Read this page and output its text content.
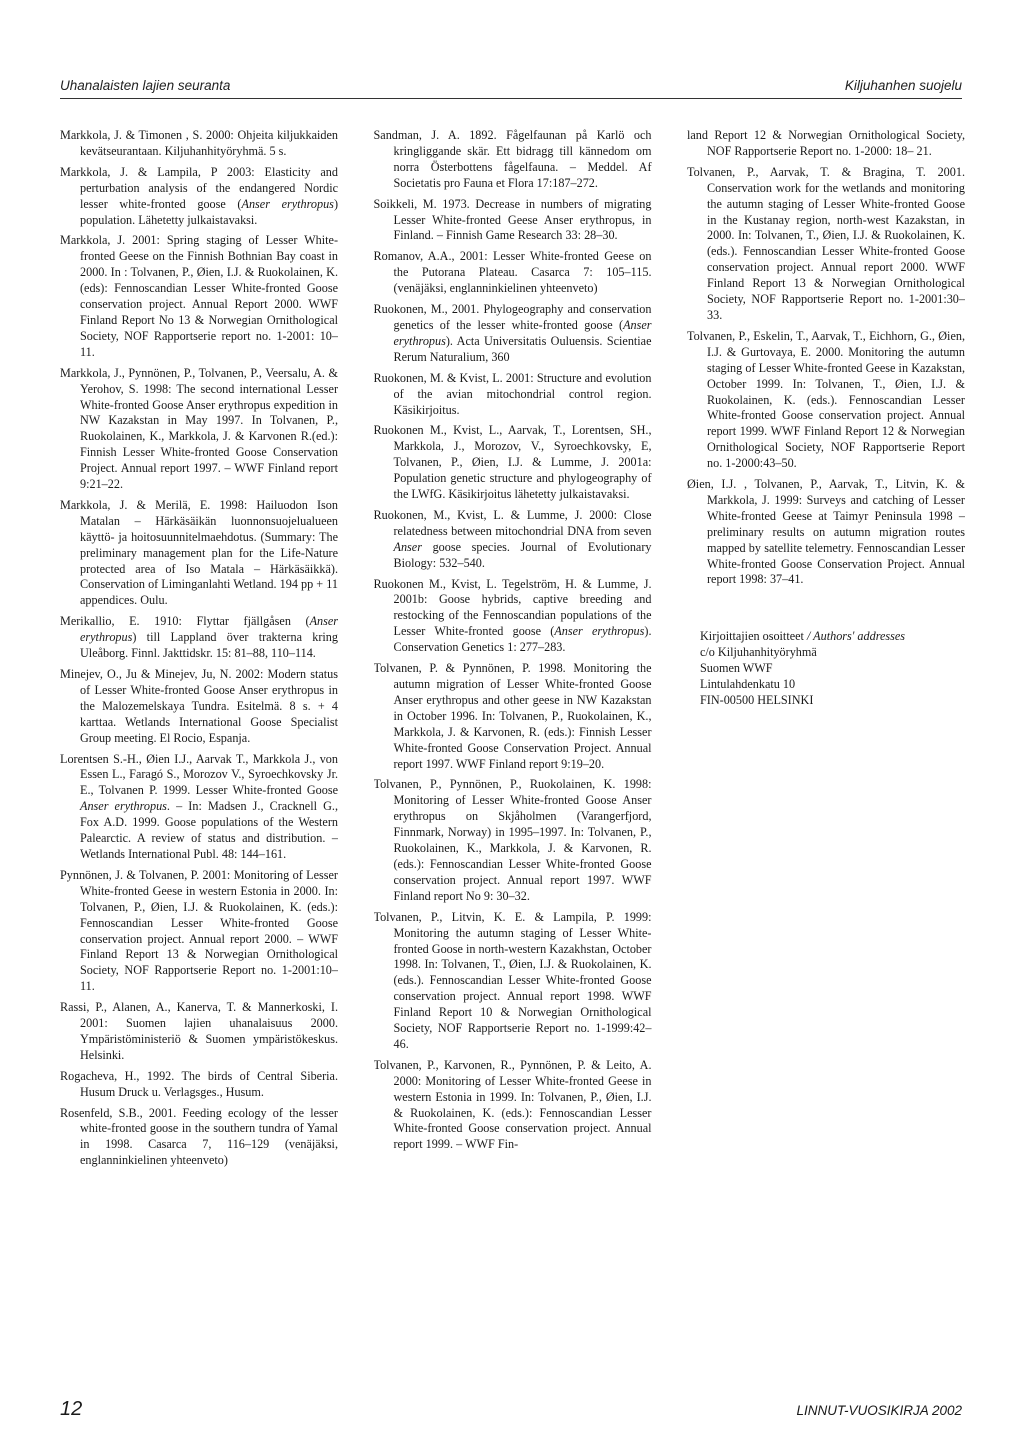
Uhanalaisten lajien seuranta	Kiljuhanhen suojelu

Markkola, J. & Timonen , S. 2000: Ohjeita kiljukkaiden kevätseurantaan. Kiljuhanhityöryhmä. 5 s.

Markkola, J. & Lampila, P 2003: Elasticity and perturbation analysis of the endangered Nordic lesser white-fronted goose (Anser erythropus) population. Lähetetty julkaistavaksi.

Markkola, J. 2001: Spring staging of Lesser White-fronted Geese on the Finnish Bothnian Bay coast in 2000. In : Tolvanen, P., Øien, I.J. & Ruokolainen, K. (eds): Fennoscandian Lesser White-fronted Goose conservation project. Annual Report 2000. WWF Finland Report No 13 & Norwegian Ornithological Society, NOF Rapportserie report no. 1-2001: 10–11.

Markkola, J., Pynnönen, P., Tolvanen, P., Veersalu, A. & Yerohov, S. 1998: The second international Lesser White-fronted Goose Anser erythropus expedition in NW Kazakstan in May 1997. In Tolvanen, P., Ruokolainen, K., Markkola, J. & Karvonen R.(ed.): Finnish Lesser White-fronted Goose Conservation Project. Annual report 1997. – WWF Finland report 9:21–22.

Markkola, J. & Merilä, E. 1998: Hailuodon Ison Matalan – Härkäsäikän luonnonsuojelualueen käyttö- ja hoitosuunnitelmaehdotus. (Summary: The preliminary management plan for the Life-Nature protected area of Iso Matala – Härkäsäikkä). Conservation of Liminganlahti Wetland. 194 pp + 11 appendices. Oulu.

Merikallio, E. 1910: Flyttar fjällgåsen (Anser erythropus) till Lappland över trakterna kring Uleåborg. Finnl. Jakttidskr. 15: 81–88, 110–114.

Minejev, O., Ju & Minejev, Ju, N. 2002: Modern status of Lesser White-fronted Goose Anser erythropus in the Malozemelskaya Tundra. Esitelmä. 8 s. + 4 karttaa. Wetlands International Goose Specialist Group meeting. El Rocio, Espanja.

Lorentsen S.-H., Øien I.J., Aarvak T., Markkola J., von Essen L., Faragó S., Morozov V., Syroechkovsky Jr. E., Tolvanen P. 1999. Lesser White-fronted Goose Anser erythropus. – In: Madsen J., Cracknell G., Fox A.D. 1999. Goose populations of the Western Palearctic. A review of status and distribution. – Wetlands International Publ. 48: 144–161.

Pynnönen, J. & Tolvanen, P. 2001: Monitoring of Lesser White-fronted Geese in western Estonia in 2000. In: Tolvanen, P., Øien, I.J. & Ruokolainen, K. (eds.): Fennoscandian Lesser White-fronted Goose conservation project. Annual report 2000. – WWF Finland Report 13 & Norwegian Ornithological Society, NOF Rapportserie Report no. 1-2001:10– 11.

Rassi, P., Alanen, A., Kanerva, T. & Mannerkoski, I. 2001: Suomen lajien uhanalaisuus 2000. Ympäristöministeriö & Suomen ympäristökeskus. Helsinki.

Rogacheva, H., 1992. The birds of Central Siberia. Husum Druck u. Verlagsges., Husum.

Rosenfeld, S.B., 2001. Feeding ecology of the lesser white-fronted goose in the southern tundra of Yamal in 1998. Casarca 7, 116–129 (venäjäksi, englanninkielinen yhteenveto)

Sandman, J. A. 1892. Fågelfaunan på Karlö och kringliggande skär. Ett bidragg till kännedom om norra Österbottens fågelfauna. – Meddel. Af Societatis pro Fauna et Flora 17:187–272.

Soikkeli, M. 1973. Decrease in numbers of migrating Lesser White-fronted Geese Anser erythropus, in Finland. – Finnish Game Research 33: 28–30.

Romanov, A.A., 2001: Lesser White-fronted Geese on the Putorana Plateau. Casarca 7: 105–115. (venäjäksi, englanninkielinen yhteenveto)

Ruokonen, M., 2001. Phylogeography and conservation genetics of the lesser white-fronted goose (Anser erythropus). Acta Universitatis Ouluensis. Scientiae Rerum Naturalium, 360

Ruokonen, M. & Kvist, L. 2001: Structure and evolution of the avian mitochondrial control region. Käsikirjoitus.

Ruokonen M., Kvist, L., Aarvak, T., Lorentsen, SH., Markkola, J., Morozov, V., Syroechkovsky, E, Tolvanen, P., Øien, I.J. & Lumme, J. 2001a: Population genetic structure and phylogeography of the LWfG. Käsikirjoitus lähetetty julkaistavaksi.

Ruokonen, M., Kvist, L. & Lumme, J. 2000: Close relatedness between mitochondrial DNA from seven Anser goose species. Journal of Evolutionary Biology: 532–540.

Ruokonen M., Kvist, L. Tegelström, H. & Lumme, J. 2001b: Goose hybrids, captive breeding and restocking of the Fennoscandian populations of the Lesser White-fronted goose (Anser erythropus). Conservation Genetics 1: 277–283.

Tolvanen, P. & Pynnönen, P. 1998. Monitoring the autumn migration of Lesser White-fronted Goose Anser erythropus and other geese in NW Kazakstan in October 1996. In: Tolvanen, P., Ruokolainen, K., Markkola, J. & Karvonen, R. (eds.): Finnish Lesser White-fronted Goose Conservation Project. Annual report 1997. WWF Finland report 9:19–20.

Tolvanen, P., Pynnönen, P., Ruokolainen, K. 1998: Monitoring of Lesser White-fronted Goose Anser erythropus on Skjåholmen (Varangerfjord, Finnmark, Norway) in 1995–1997. In: Tolvanen, P., Ruokolainen, K., Markkola, J. & Karvonen, R. (eds.): Fennoscandian Lesser White-fronted Goose conservation project. Annual report 1997. WWF Finland report No 9: 30–32.

Tolvanen, P., Litvin, K. E. & Lampila, P. 1999: Monitoring the autumn staging of Lesser White-fronted Goose in north-western Kazakhstan, October 1998. In: Tolvanen, T., Øien, I.J. & Ruokolainen, K. (eds.). Fennoscandian Lesser White-fronted Goose conservation project. Annual report 1998. WWF Finland Report 10 & Norwegian Ornithological Society, NOF Rapportserie Report no. 1-1999:42–46.

Tolvanen, P., Karvonen, R., Pynnönen, P. & Leito, A. 2000: Monitoring of Lesser White-fronted Geese in western Estonia in 1999. In: Tolvanen, P., Øien, I.J. & Ruokolainen, K. (eds.): Fennoscandian Lesser White-fronted Goose conservation project. Annual report 1999. – WWF Fin-

land Report 12 & Norwegian Ornithological Society, NOF Rapportserie Report no. 1-2000: 18– 21.

Tolvanen, P., Aarvak, T. & Bragina, T. 2001. Conservation work for the wetlands and monitoring the autumn staging of Lesser White-fronted Goose in the Kustanay region, north-west Kazakstan, in 2000. In: Tolvanen, T., Øien, I.J. & Ruokolainen, K. (eds.). Fennoscandian Lesser White-fronted Goose conservation project. Annual report 2000. WWF Finland Report 13 & Norwegian Ornithological Society, NOF Rapportserie Report no. 1-2001:30–33.

Tolvanen, P., Eskelin, T., Aarvak, T., Eichhorn, G., Øien, I.J. & Gurtovaya, E. 2000. Monitoring the autumn staging of Lesser White-fronted Geese in Kazakstan, October 1999. In: Tolvanen, T., Øien, I.J. & Ruokolainen, K. (eds.). Fennoscandian Lesser White-fronted Goose conservation project. Annual report 1999. WWF Finland Report 12 & Norwegian Ornithological Society, NOF Rapportserie Report no. 1-2000:43–50.

Øien, I.J. , Tolvanen, P., Aarvak, T., Litvin, K. & Markkola, J. 1999: Surveys and catching of Lesser White-fronted Geese at Taimyr Peninsula 1998 – preliminary results on autumn migration routes mapped by satellite telemetry. Fennoscandian Lesser White-fronted Goose Conservation Project. Annual report 1998: 37–41.

Kirjoittajien osoitteet / Authors' addresses
c/o Kiljuhanhityöryhmä
Suomen WWF
Lintulahdenkatu 10
FIN-00500 HELSINKI
12	LINNUT-VUOSIKIRJA 2002
